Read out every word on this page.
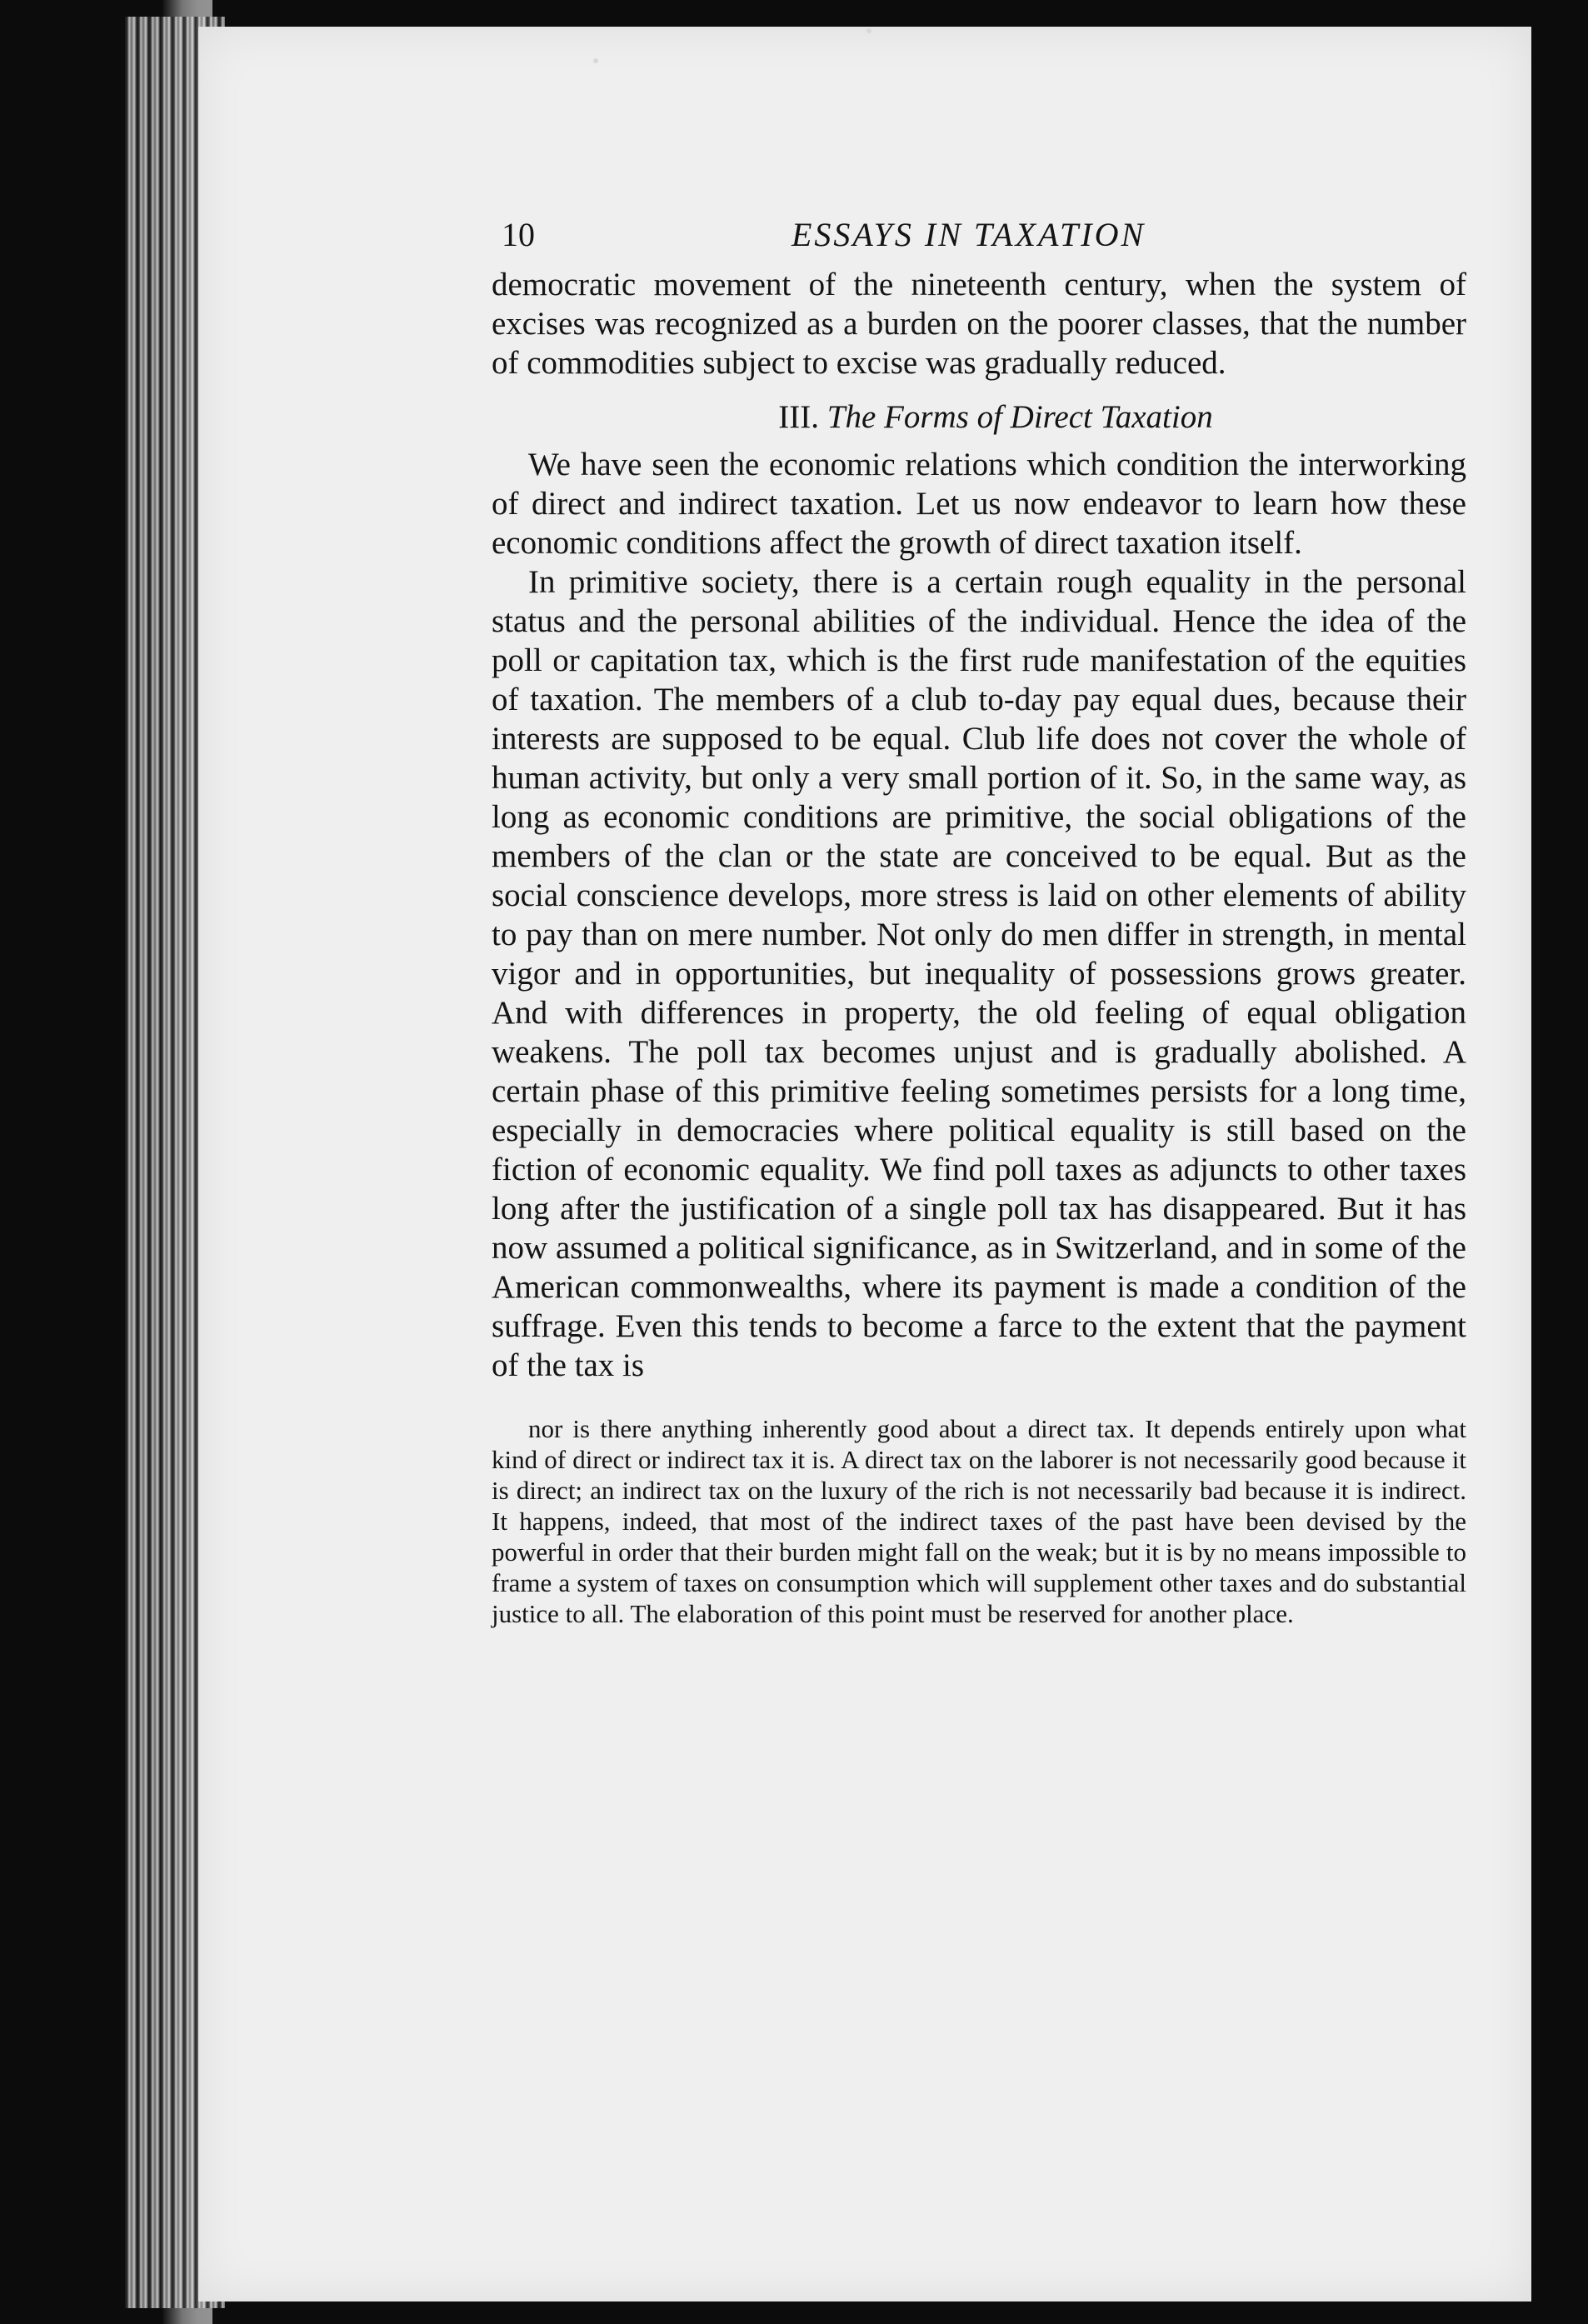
10	ESSAYS IN TAXATION

democratic movement of the nineteenth century, when the system of excises was recognized as a burden on the poorer classes, that the number of commodities subject to excise was gradually reduced.

III. The Forms of Direct Taxation

We have seen the economic relations which condition the interworking of direct and indirect taxation. Let us now endeavor to learn how these economic conditions affect the growth of direct taxation itself.

In primitive society, there is a certain rough equality in the personal status and the personal abilities of the individual. Hence the idea of the poll or capitation tax, which is the first rude manifestation of the equities of taxation. The members of a club to-day pay equal dues, because their interests are supposed to be equal. Club life does not cover the whole of human activity, but only a very small portion of it. So, in the same way, as long as economic conditions are primitive, the social obligations of the members of the clan or the state are conceived to be equal. But as the social conscience develops, more stress is laid on other elements of ability to pay than on mere number. Not only do men differ in strength, in mental vigor and in opportunities, but inequality of possessions grows greater. And with differences in property, the old feeling of equal obligation weakens. The poll tax becomes unjust and is gradually abolished. A certain phase of this primitive feeling sometimes persists for a long time, especially in democracies where political equality is still based on the fiction of economic equality. We find poll taxes as adjuncts to other taxes long after the justification of a single poll tax has disappeared. But it has now assumed a political significance, as in Switzerland, and in some of the American commonwealths, where its payment is made a condition of the suffrage. Even this tends to become a farce to the extent that the payment of the tax is

nor is there anything inherently good about a direct tax. It depends entirely upon what kind of direct or indirect tax it is. A direct tax on the laborer is not necessarily good because it is direct; an indirect tax on the luxury of the rich is not necessarily bad because it is indirect. It happens, indeed, that most of the indirect taxes of the past have been devised by the powerful in order that their burden might fall on the weak; but it is by no means impossible to frame a system of taxes on consumption which will supplement other taxes and do substantial justice to all. The elaboration of this point must be reserved for another place.
